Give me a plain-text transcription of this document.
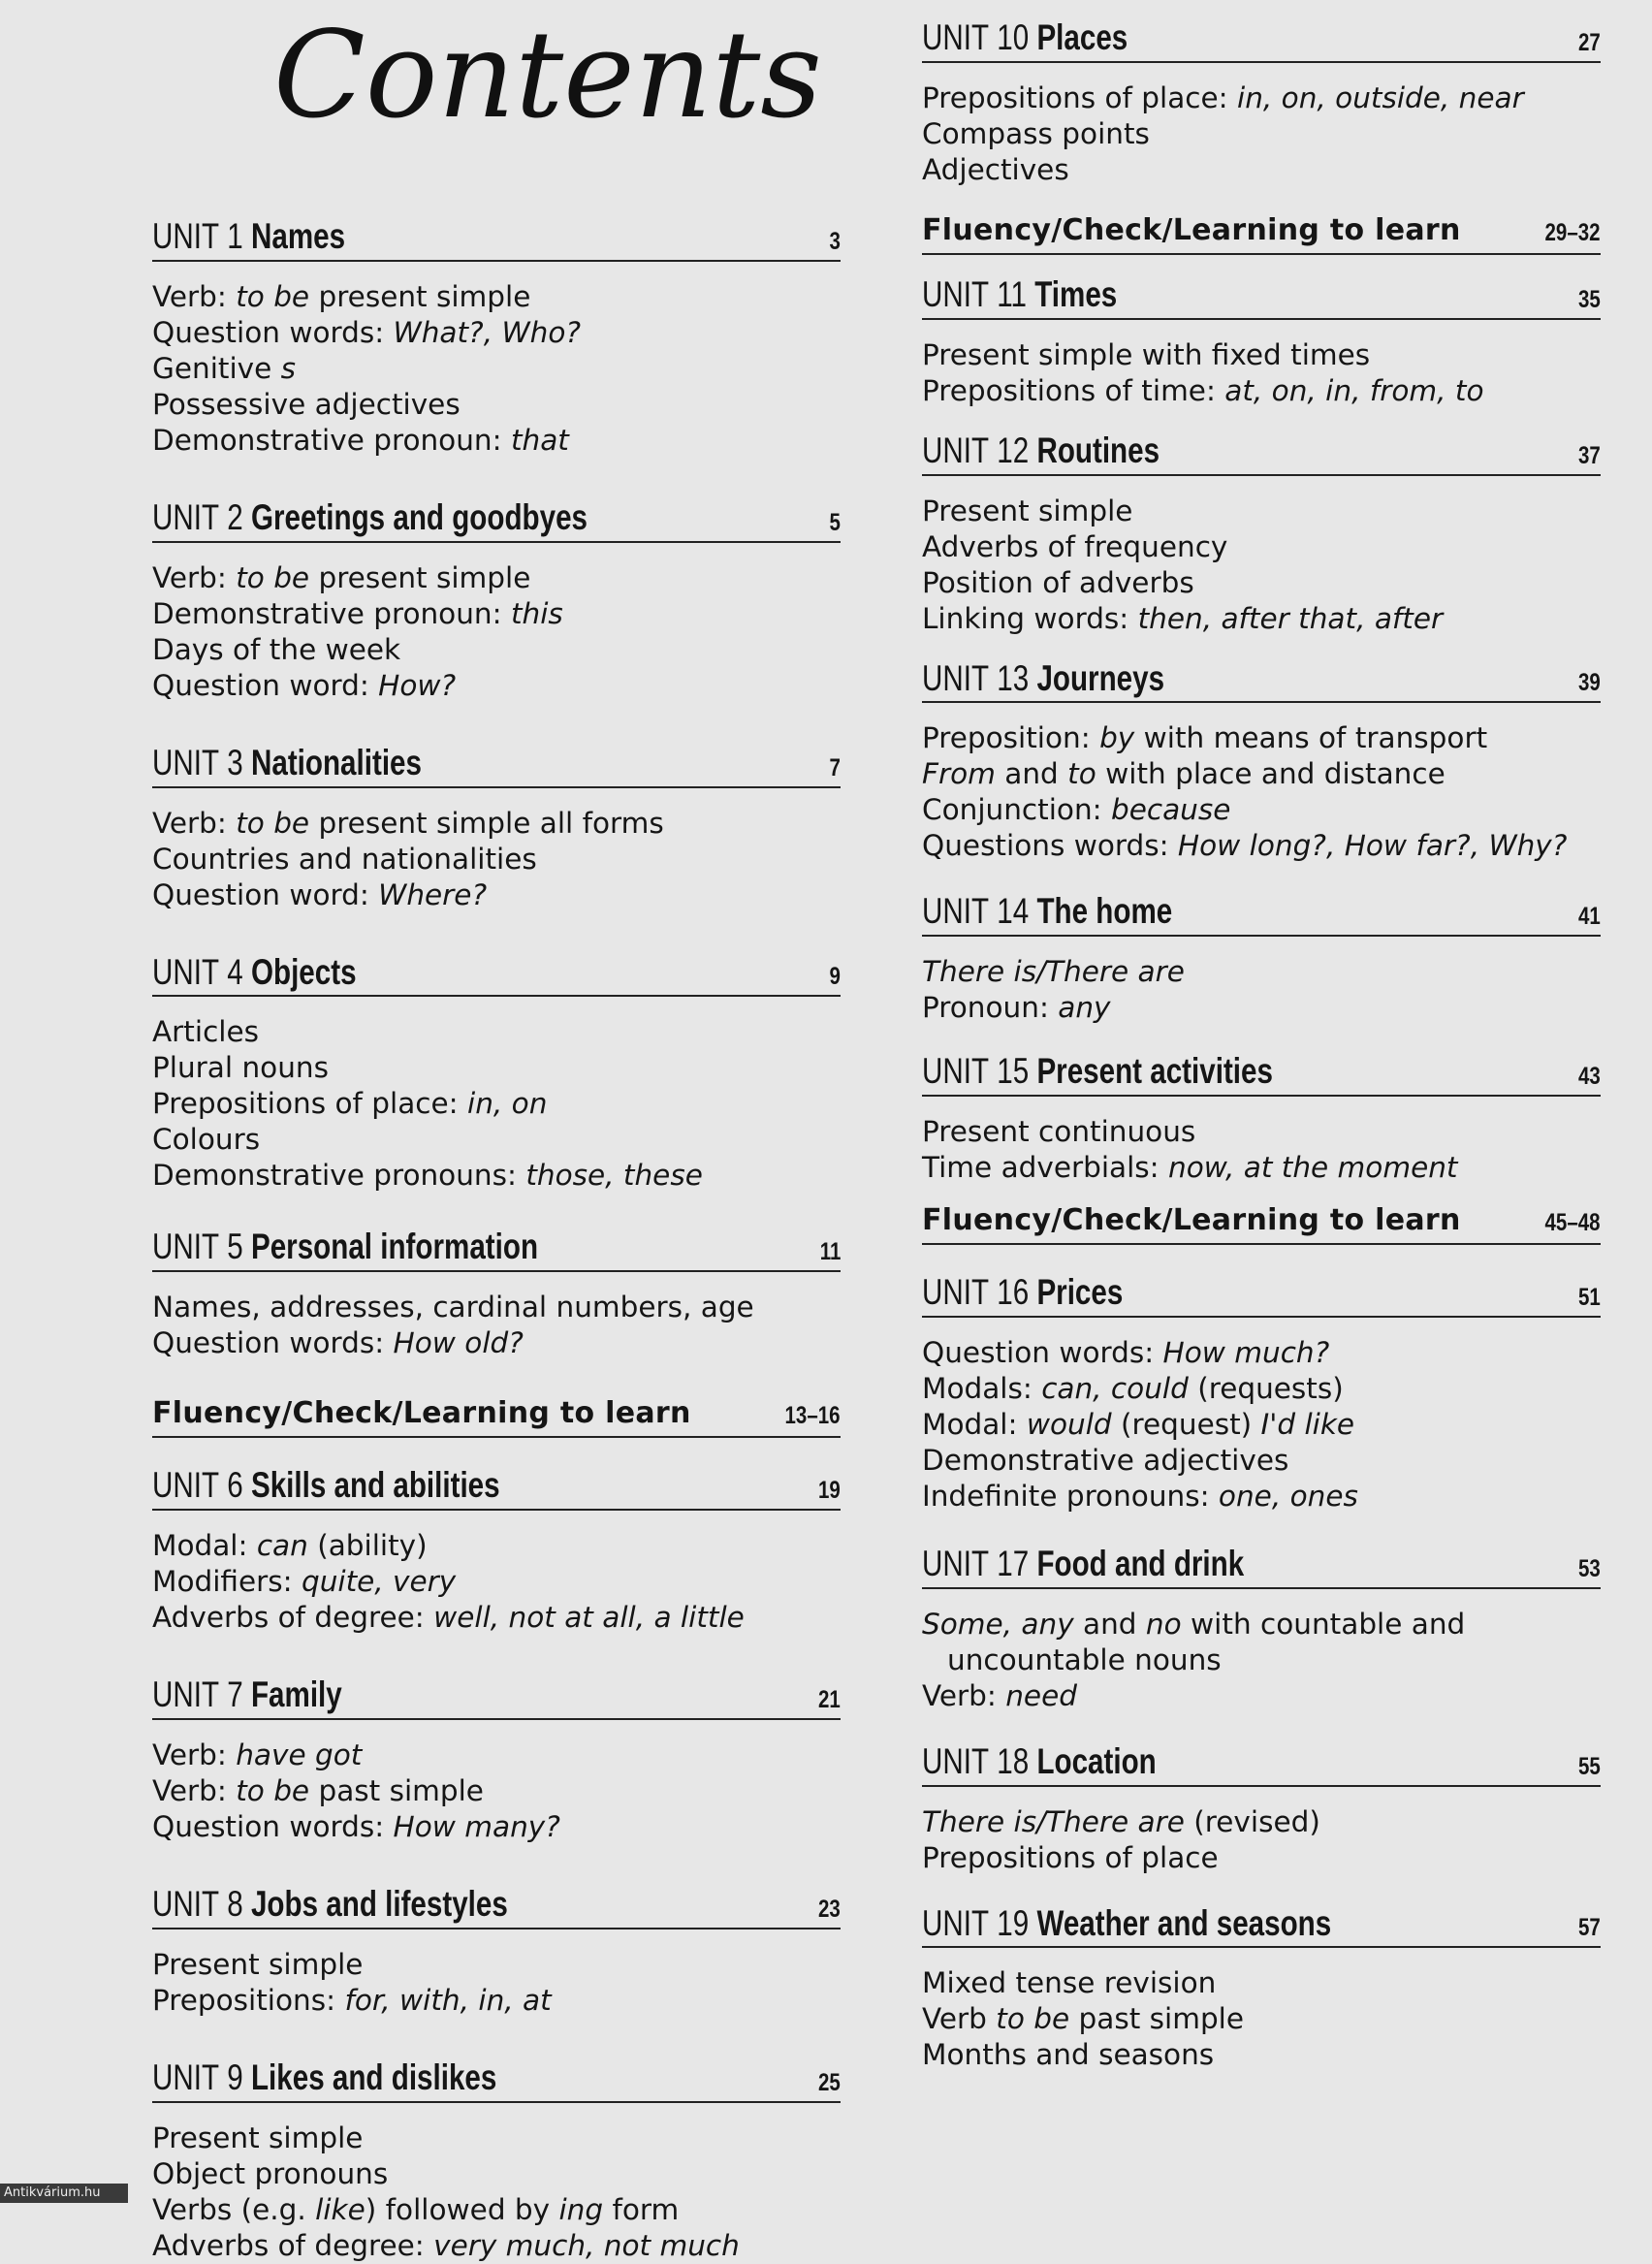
Contents
UNIT 1 Names	3
Verb: to be present simple
Question words: What?, Who?
Genitive s
Possessive adjectives
Demonstrative pronoun: that
UNIT 2 Greetings and goodbyes	5
Verb: to be present simple
Demonstrative pronoun: this
Days of the week
Question word: How?
UNIT 3 Nationalities	7
Verb: to be present simple all forms
Countries and nationalities
Question word: Where?
UNIT 4 Objects	9
Articles
Plural nouns
Prepositions of place: in, on
Colours
Demonstrative pronouns: those, these
UNIT 5 Personal information	11
Names, addresses, cardinal numbers, age
Question words: How old?
Fluency/Check/Learning to learn	13–16
UNIT 6 Skills and abilities	19
Modal: can (ability)
Modifiers: quite, very
Adverbs of degree: well, not at all, a little
UNIT 7 Family	21
Verb: have got
Verb: to be past simple
Question words: How many?
UNIT 8 Jobs and lifestyles	23
Present simple
Prepositions: for, with, in, at
UNIT 9 Likes and dislikes	25
Present simple
Object pronouns
Verbs (e.g. like) followed by ing form
Adverbs of degree: very much, not much
UNIT 10 Places	27
Prepositions of place: in, on, outside, near
Compass points
Adjectives
Fluency/Check/Learning to learn	29–32
UNIT 11 Times	35
Present simple with fixed times
Prepositions of time: at, on, in, from, to
UNIT 12 Routines	37
Present simple
Adverbs of frequency
Position of adverbs
Linking words: then, after that, after
UNIT 13 Journeys	39
Preposition: by with means of transport
From and to with place and distance
Conjunction: because
Questions words: How long?, How far?, Why?
UNIT 14 The home	41
There is/There are
Pronoun: any
UNIT 15 Present activities	43
Present continuous
Time adverbials: now, at the moment
Fluency/Check/Learning to learn	45–48
UNIT 16 Prices	51
Question words: How much?
Modals: can, could (requests)
Modal: would (request) I'd like
Demonstrative adjectives
Indefinite pronouns: one, ones
UNIT 17 Food and drink	53
Some, any and no with countable and
uncountable nouns
Verb: need
UNIT 18 Location	55
There is/There are (revised)
Prepositions of place
UNIT 19 Weather and seasons	57
Mixed tense revision
Verb to be past simple
Months and seasons
Antikvárium.hu
